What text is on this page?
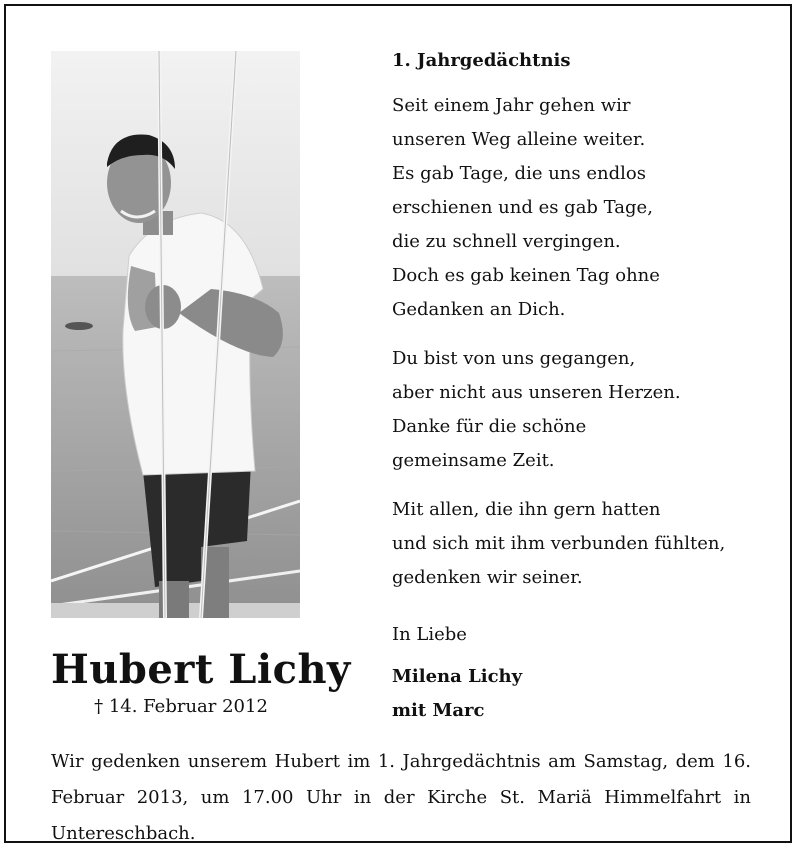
Hubert Lichy
† 14. Februar 2012
1. Jahrgedächtnis
Seit einem Jahr gehen wir
unseren Weg alleine weiter.
Es gab Tage, die uns endlos
erschienen und es gab Tage,
die zu schnell vergingen.
Doch es gab keinen Tag ohne
Gedanken an Dich.
Du bist von uns gegangen,
aber nicht aus unseren Herzen.
Danke für die schöne
gemeinsame Zeit.
Mit allen, die ihn gern hatten
und sich mit ihm verbunden fühlten,
gedenken wir seiner.
In Liebe
Milena Lichy
mit Marc
Wir gedenken unserem Hubert im 1. Jahrgedächtnis am Samstag, dem 16. Februar 2013, um 17.00 Uhr in der Kirche St. Mariä Himmelfahrt in Untereschbach.
